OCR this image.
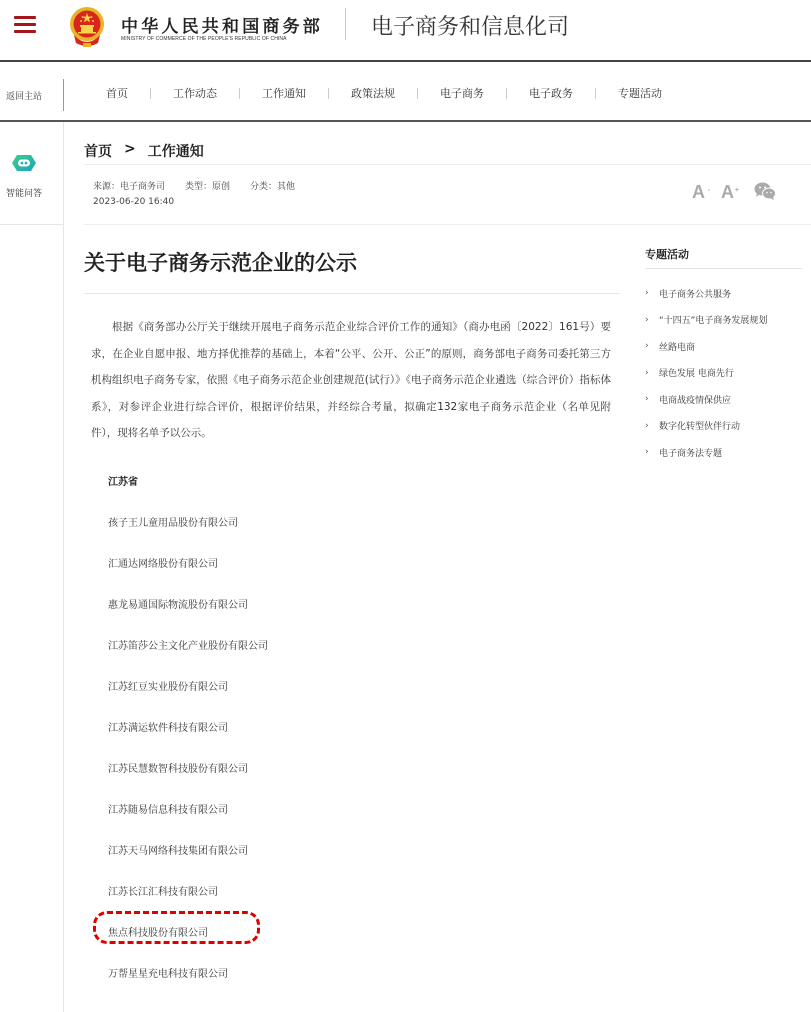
中华人民共和国商务部
MINISTRY OF COMMERCE OF THE PEOPLE'S REPUBLIC OF CHINA	电子商务和信息化司
返回主站	首页	工作动态	工作通知	政策法规	电子商务	电子政务	专题活动
智能问答
首页 > 工作通知
来源：电子商务司 类型：原创 分类：其他
2023-06-20 16:40	A - A +
关于电子商务示范企业的公示

根据《商务部办公厅关于继续开展电子商务示范企业综合评价工作的通知》（商办电函〔2022〕161号）要求，在企业自愿申报、地方择优推荐的基础上，本着“公平、公开、公正”的原则，商务部电子商务司委托第三方机构组织电子商务专家，依照《电子商务示范企业创建规范(试行）》《电子商务示范企业遴选（综合评价）指标体系》，对参评企业进行综合评价，根据评价结果，并经综合考量，拟确定132家电子商务示范企业（名单见附件），现将名单予以公示。

江苏省
孩子王儿童用品股份有限公司
汇通达网络股份有限公司
惠龙易通国际物流股份有限公司
江苏笛莎公主文化产业股份有限公司
江苏红豆实业股份有限公司
江苏满运软件科技有限公司
江苏民慧数智科技股份有限公司
江苏随易信息科技有限公司
江苏天马网络科技集团有限公司
江苏长江汇科技有限公司
焦点科技股份有限公司
万帮星星充电科技有限公司
专题活动
›	电子商务公共服务
›	“十四五”电子商务发展规划
›	丝路电商
›	绿色发展 电商先行
›	电商战疫情保供应
›	数字化转型伙伴行动
›	电子商务法专题
